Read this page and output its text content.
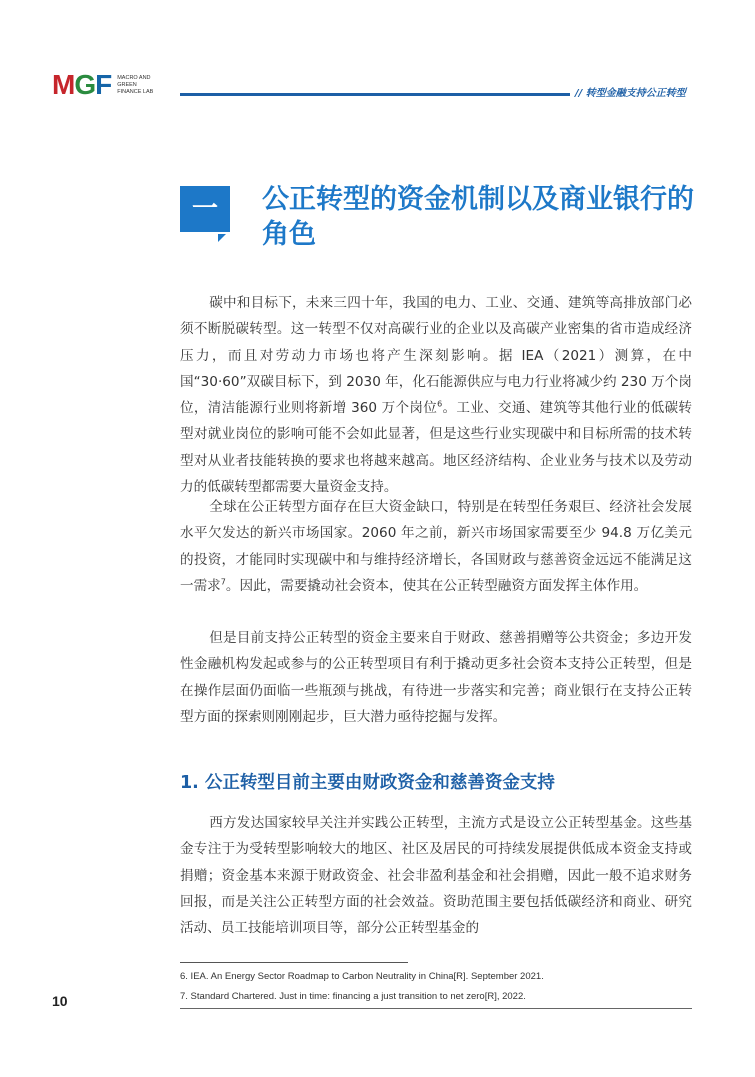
MGF MACRO AND
GREEN
FINANCE LAB	// 转型金融支持公正转型
一	公正转型的资金机制以及商业银行的角色

碳中和目标下，未来三四十年，我国的电力、工业、交通、建筑等高排放部门必须不断脱碳转型。这一转型不仅对高碳行业的企业以及高碳产业密集的省市造成经济压力，而且对劳动力市场也将产生深刻影响。据 IEA（2021）测算，在中国“30·60”双碳目标下，到 2030 年，化石能源供应与电力行业将减少约 230 万个岗位，清洁能源行业则将新增 360 万个岗位$^6$。工业、交通、建筑等其他行业的低碳转型对就业岗位的影响可能不会如此显著，但是这些行业实现碳中和目标所需的技术转型对从业者技能转换的要求也将越来越高。地区经济结构、企业业务与技术以及劳动力的低碳转型都需要大量资金支持。

全球在公正转型方面存在巨大资金缺口，特别是在转型任务艰巨、经济社会发展水平欠发达的新兴市场国家。2060 年之前，新兴市场国家需要至少 94.8 万亿美元的投资，才能同时实现碳中和与维持经济增长，各国财政与慈善资金远远不能满足这一需求$^7$。因此，需要撬动社会资本，使其在公正转型融资方面发挥主体作用。

但是目前支持公正转型的资金主要来自于财政、慈善捐赠等公共资金；多边开发性金融机构发起或参与的公正转型项目有利于撬动更多社会资本支持公正转型，但是在操作层面仍面临一些瓶颈与挑战，有待进一步落实和完善；商业银行在支持公正转型方面的探索则刚刚起步，巨大潜力亟待挖掘与发挥。

1. 公正转型目前主要由财政资金和慈善资金支持

西方发达国家较早关注并实践公正转型，主流方式是设立公正转型基金。这些基金专注于为受转型影响较大的地区、社区及居民的可持续发展提供低成本资金支持或捐赠；资金基本来源于财政资金、社会非盈利基金和社会捐赠，因此一般不追求财务回报，而是关注公正转型方面的社会效益。资助范围主要包括低碳经济和商业、研究活动、员工技能培训项目等，部分公正转型基金的

6. IEA. An Energy Sector Roadmap to Carbon Neutrality in China[R]. September 2021.
7. Standard Chartered. Just in time: financing a just transition to net zero[R], 2022.
10
